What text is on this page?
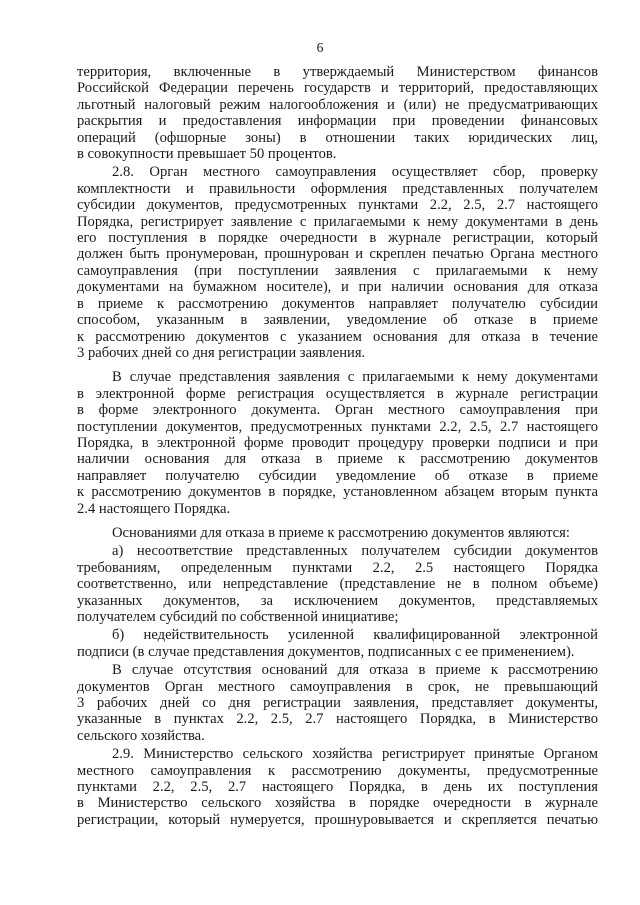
6

территория, включенные в утверждаемый Министерством финансов

Российской Федерации перечень государств и территорий, предоставляющих

льготный налоговый режим налогообложения и (или) не предусматривающих

раскрытия и предоставления информации при проведении финансовых

операций (офшорные зоны) в отношении таких юридических лиц,

в совокупности превышает 50 процентов.

2.8. Орган местного самоуправления осуществляет сбор, проверку

комплектности и правильности оформления представленных получателем

субсидии документов, предусмотренных пунктами 2.2, 2.5, 2.7 настоящего

Порядка, регистрирует заявление с прилагаемыми к нему документами в день

его поступления в порядке очередности в журнале регистрации, который

должен быть пронумерован, прошнурован и скреплен печатью Органа местного

самоуправления (при поступлении заявления с прилагаемыми к нему

документами на бумажном носителе), и при наличии основания для отказа

в приеме к рассмотрению документов направляет получателю субсидии

способом, указанным в заявлении, уведомление об отказе в приеме

к рассмотрению документов с указанием основания для отказа в течение

3 рабочих дней со дня регистрации заявления.

В случае представления заявления с прилагаемыми к нему документами

в электронной форме регистрация осуществляется в журнале регистрации

в форме электронного документа. Орган местного самоуправления при

поступлении документов, предусмотренных пунктами 2.2, 2.5, 2.7 настоящего

Порядка, в электронной форме проводит процедуру проверки подписи и при

наличии основания для отказа в приеме к рассмотрению документов

направляет получателю субсидии уведомление об отказе в приеме

к рассмотрению документов в порядке, установленном абзацем вторым пункта

2.4 настоящего Порядка.

Основаниями для отказа в приеме к рассмотрению документов являются:

а) несоответствие представленных получателем субсидии документов

требованиям, определенным пунктами 2.2, 2.5 настоящего Порядка

соответственно, или непредставление (представление не в полном объеме)

указанных документов, за исключением документов, представляемых

получателем субсидий по собственной инициативе;

б) недействительность усиленной квалифицированной электронной

подписи (в случае представления документов, подписанных с ее применением).

В случае отсутствия оснований для отказа в приеме к рассмотрению

документов Орган местного самоуправления в срок, не превышающий

3 рабочих дней со дня регистрации заявления, представляет документы,

указанные в пунктах 2.2, 2.5, 2.7 настоящего Порядка, в Министерство

сельского хозяйства.

2.9. Министерство сельского хозяйства регистрирует принятые Органом

местного самоуправления к рассмотрению документы, предусмотренные

пунктами 2.2, 2.5, 2.7 настоящего Порядка, в день их поступления

в Министерство сельского хозяйства в порядке очередности в журнале

регистрации, который нумеруется, прошнуровывается и скрепляется печатью
